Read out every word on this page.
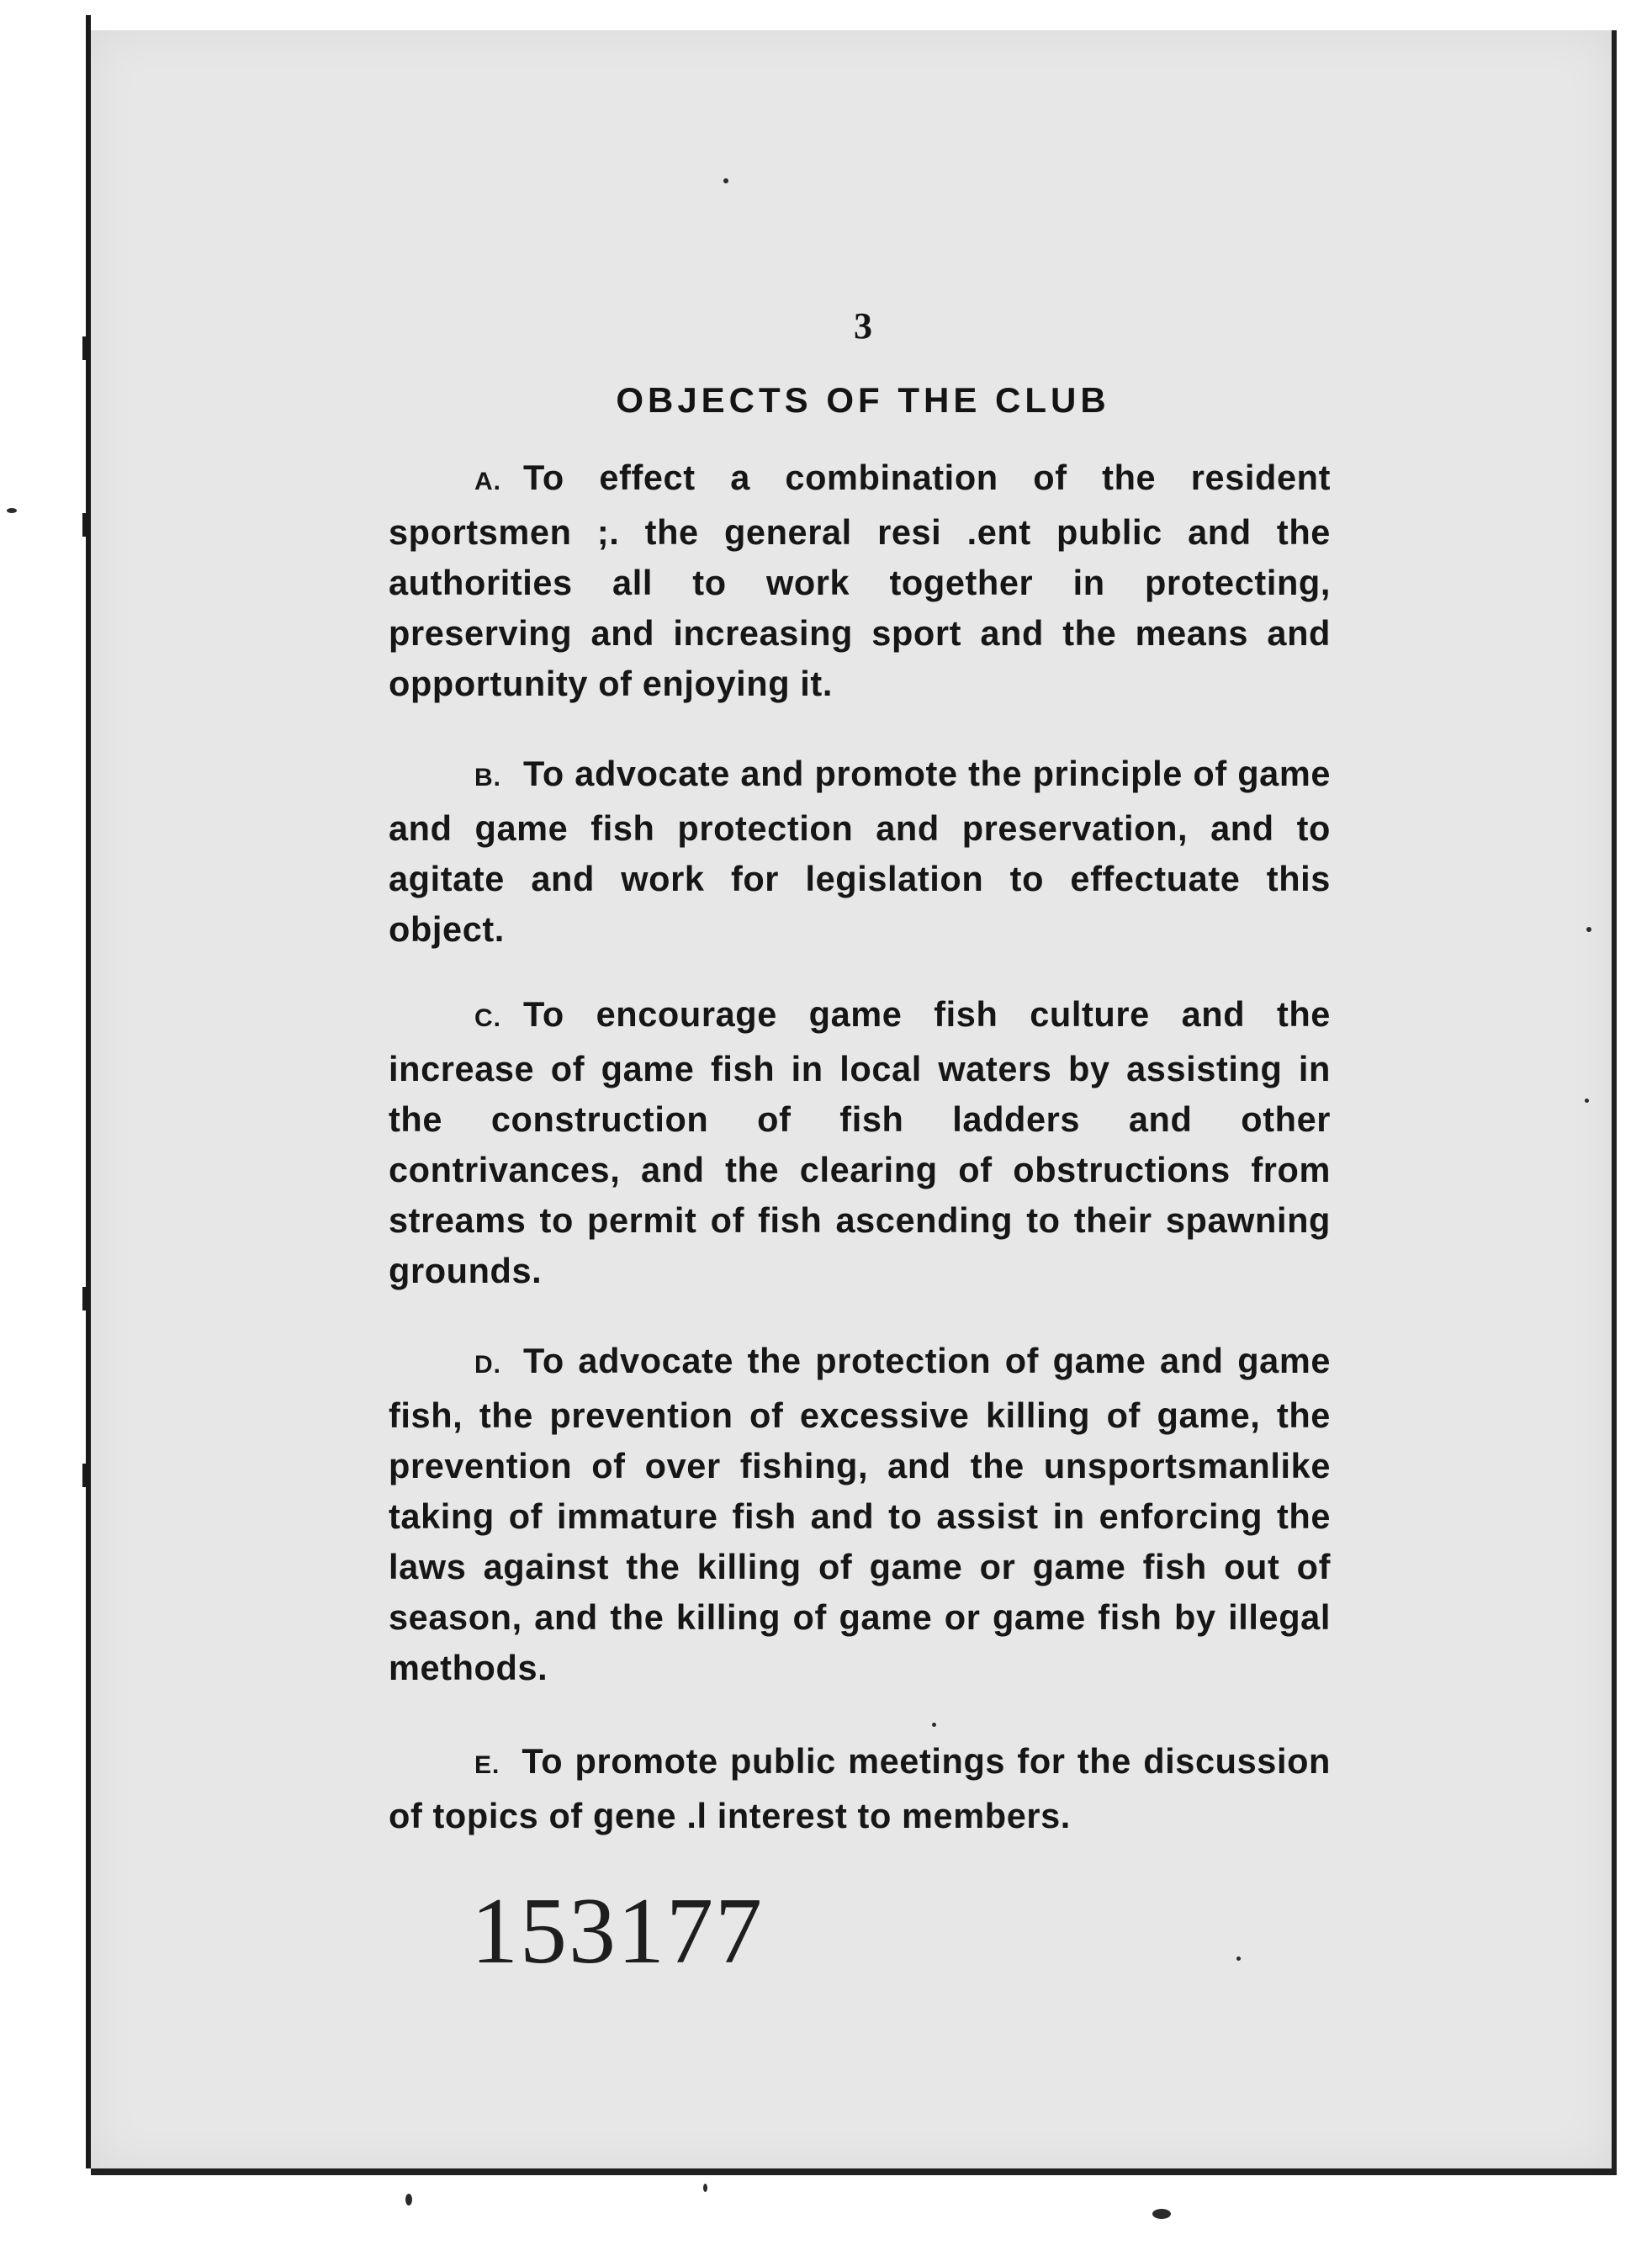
3
OBJECTS OF THE CLUB
A. To effect a combination of the resident sportsmen ;. the general resi .ent public and the authorities all to work together in protecting, preserving and increasing sport and the means and opportunity of enjoying it.
B. To advocate and promote the principle of game and game fish protection and preservation, and to agitate and work for legislation to effectuate this object.
C. To encourage game fish culture and the increase of game fish in local waters by assisting in the construction of fish ladders and other contrivances, and the clearing of obstructions from streams to permit of fish ascending to their spawning grounds.
D. To advocate the protection of game and game fish, the prevention of excessive killing of game, the prevention of over fishing, and the unsportsmanlike taking of immature fish and to assist in enforcing the laws against the killing of game or game fish out of season, and the killing of game or game fish by illegal methods.
E. To promote public meetings for the discussion of topics of gene .l interest to members.
153177
